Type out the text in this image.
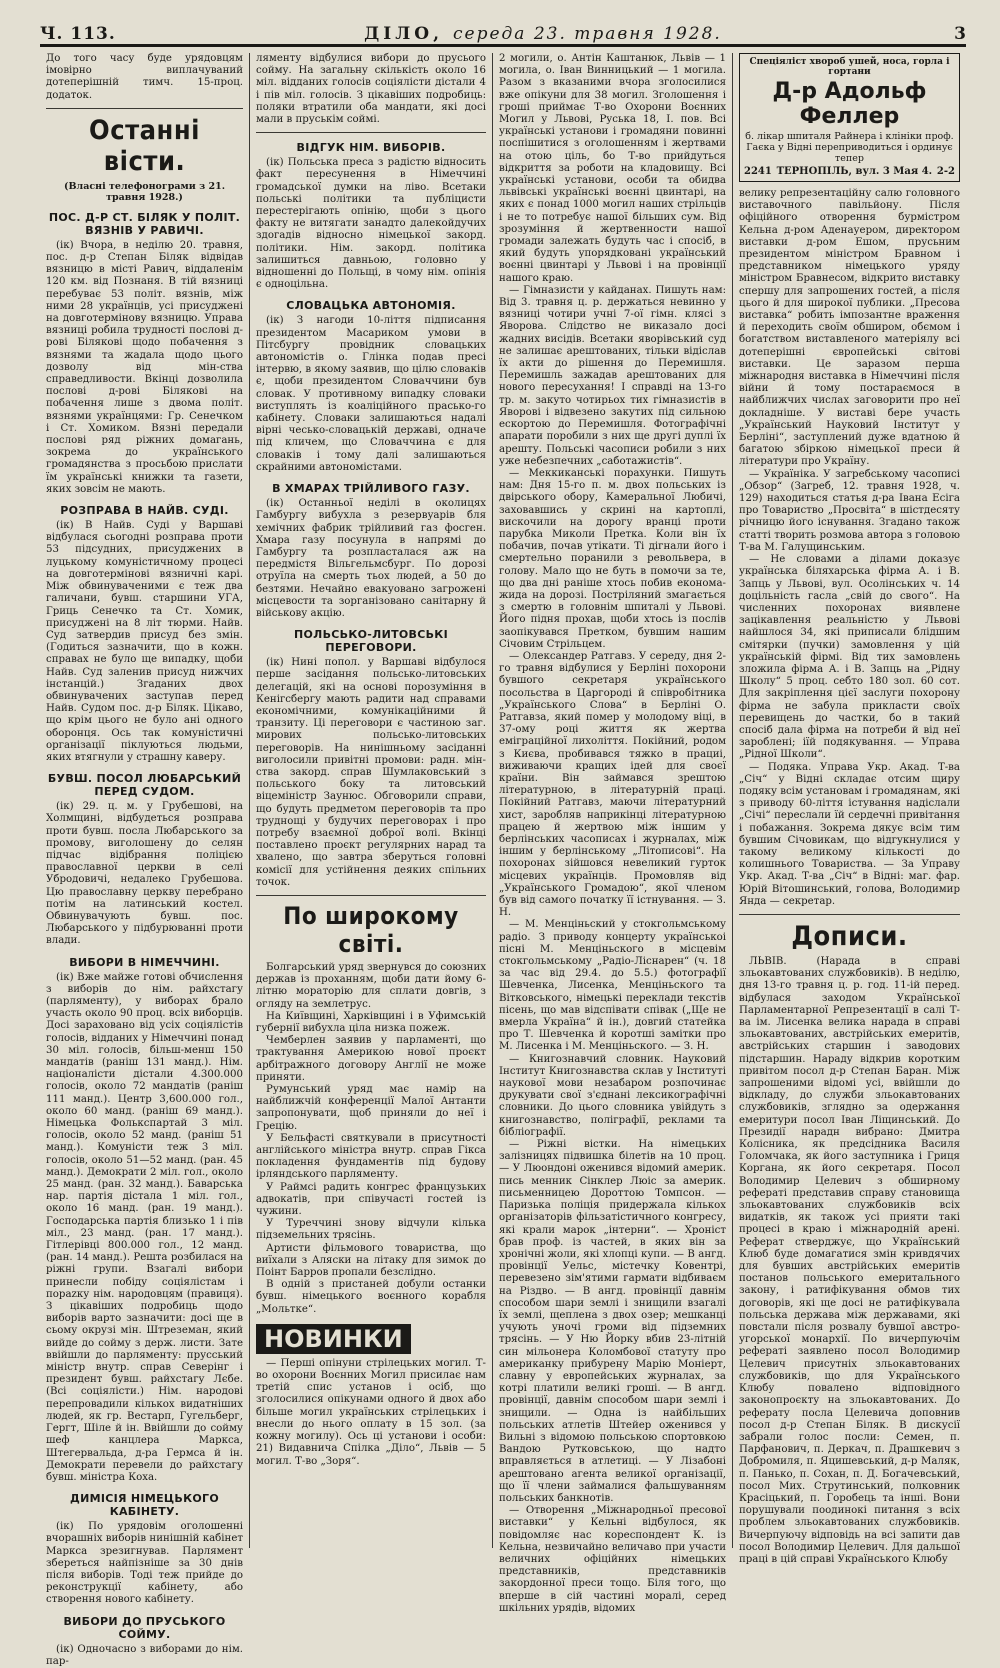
Ч. 113.	ДІЛО, середа 23. травня 1928.	3

До того часу буде урядовцям імовірно виплачуваний дотеперішній тимч. 15-проц. додаток.

Останні вісти.
(Власні телефонограми з 21. травня 1928.)
ПОС. Д-Р СТ. БІЛЯК У ПОЛІТ. ВЯЗНІВ У РАВИЧІ.

(ік) Вчора, в неділю 20. травня, пос. д-р Степан Біляк відвідав вязницю в місті Равич, віддаленім 120 км. від Познаня. В тій вязниці перебуває 53 політ. вязнів, між ними 28 українців, усі присуджені на довготермінову вязницю. Управа вязниці робила трудності послові д-рові Білякові щодо побачення з вязнями та жадала щодо цього дозволу від мін-ства справедливости. Вкінці дозволила послові д-рові Білякові на побачення лише з двома політ. вязнями українцями: Гр. Сенечком і Ст. Хомиком. Вязні передали послові ряд ріжних домагань, зокрема до українського громадянства з просьбою прислати їм українські книжки та газети, яких зовсім не мають.

РОЗПРАВА В НАЙВ. СУДІ.

(ік) В Найв. Суді у Варшаві відбулася сьогодні розправа проти 53 підсудних, присуджених в луцькому комуністичному процесі на довготермінові вязничні карі. Між обвинуваченими є теж два галичани, бувш. старшини УГА, Гриць Сенечко та Ст. Хомик, присуджені на 8 літ тюрми. Найв. Суд затвердив присуд без змін. (Годиться зазначити, що в кожн. справах не було ще випадку, щоби Найв. Суд заленив присуд нижчих інстанцій.) Згаданих двох обвинувачених заступав перед Найв. Судом пос. д-р Біляк. Цікаво, що крім цього не було ані одного оборонця. Ось так комуністичні організації піклуються людьми, яких втягнули у страшну каверу.

БУВШ. ПОСОЛ ЛЮБАРСЬКИЙ ПЕРЕД СУДОМ.

(ік) 29. ц. м. у Грубешові, на Холмщині, відбудеться розправа проти бувш. посла Любарського за промову, виголошену до селян підчас відібрання поліцією православної церкви в селі Убродовичі, недалеко Грубешова. Цю православну церкву перебрано потім на латинський костел. Обвинувачують бувш. пос. Любарського у підбурюванні проти влади.

ВИБОРИ В НІМЕЧЧИНІ.

(ік) Вже майже готові обчислення з виборів до нім. райхстагу (парляменту), у виборах брало участь около 90 проц. всіх виборців. Досі зараховано від усіх соціялістів голосів, відданих у Німеччині понад 30 міл. голосів, більш-менш 150 мандатів (раніш 131 манд.). Нім. націоналісти дістали 4.300.000 голосів, около 72 мандатів (раніш 111 манд.). Центр 3,600.000 гол., около 60 манд. (раніш 69 манд.). Німецька Фолькспартай 3 міл. голосів, около 52 манд. (раніш 51 манд.). Комуністи теж 3 міл. голосів, около 51—52 манд. (ран. 45 манд.). Демократи 2 міл. гол., около 25 манд. (ран. 32 манд.). Баварська нар. партія дістала 1 міл. гол., около 16 манд. (ран. 19 манд.). Господарська партія близько 1 і пів міл., 23 манд. (ран. 17 манд.). Гітлерівці 800.000 гол., 12 манд. (ран. 14 манд.). Решта розбилася на ріжні групи. Взагалі вибори принесли побіду соціялістам і порazку нім. народовцям (правиця). З цікавіших подробиць щодо виборів варто зазначити: досі ще в сьому окрузі мін. Штреземан, який вийде до сойму з держ. листи. Зате ввійшли до парляменту: прусський міністр внутр. справ Северінг і президент бувш. райхстагу Лєбе. (Всі соціялісти.) Нім. народові перепровадили кількох видатніших людей, як гр. Вестарп, Гугельберг, Гергт, Шіле й ін. Ввійшли до сойму шеф канцлера Маркса, Штегервальда, д-ра Гермса й ін. Демократи перевели до райхстагу бувш. міністра Коха.

ДИМІСІЯ НІМЕЦЬКОГО КАБІНЕТУ.

(ік) По урядовім оголошенні вчорашніх виборів нинішній кабінет Маркса зрезигнував. Парлямент збереться найпізніше за 30 днів після виборів. Тоді теж прийде до реконструкції кабінету, або створення нового кабінету.

ВИБОРИ ДО ПРУСЬКОГО СОЙМУ.

(ік) Одночасно з виборами до нім. пар-

ляменту відбулися вибори до прусього сойму. На загальну скількість около 16 міл. відданих голосів соціялісти дістали 4 і пів міл. голосів. З цікавіших подробиць: поляки втратили оба мандати, які досі мали в пруськім соймі.

ВІДГУК НІМ. ВИБОРІВ.

(ік) Польська преса з радістю відносить факт пересунення в Німеччині громадської думки на ліво. Всетаки польські політики та публіцисти перестерігають опінію, щоби з цього факту не витягати занадто далекойдучих здогадів відносно німецької закорд. політики. Нім. закорд. політика залишиться давньою, головно у відношенні до Польщі, в чому нім. опінія є одноцільна.

СЛОВАЦЬКА АВТОНОМІЯ.

(ік) З нагоди 10-ліття підписання президентом Масариком умови в Пітсбургу провідник словацьких автономістів о. Глінка подав пресі інтервю, в якому заявив, що цілю словаків є, щоби президентом Словаччини був словак. У противному випадку словаки виступлять із коаліційного прасько-го кабінету. Словаки залишаються надалі вірні чесько-словацькій державі, одначе під кличем, що Словаччина є для словаків і тому далі залишаються скрайними автономістами.

В ХМАРАХ ТРІЙЛИВОГО ГАЗУ.

(ік) Останньої неділі в околицях Гамбургу вибухла з резервуарів бля хемічних фабрик трійливий газ фосген. Хмара газу посунула в напрямі до Гамбургу та розпласталася аж на передмістя Вільгельмсбург. По дорозі отруїла на смерть тьох людей, а 50 до безтями. Нечайно евакуовано загрожені місцевости та зорганізовано санітарну й військову акцію.

ПОЛЬСЬКО-ЛИТОВСЬКІ ПЕРЕГОВОРИ.

(ік) Нині попол. у Варшаві відбулося перше засідання польсько-литовських делегацій, які на основі порозуміння в Кенігсбергу мають радити над справами економічними, комунікаційними й транзиту. Ці переговори є частиною заг. мирових польсько-литовських переговорів. На нинішньому засіданні виголосили привітні промови: радн. мін-ства закорд. справ Шумлаковський з польського боку та литовський віцеміністр Заунюс. Обговорили справи, що будуть предметом переговорів та про труднощі у будучих переговорах і про потребу взаємної доброї волі. Вкінці поставлено проєкт регулярних нарад та хвалено, що завтра зберуться головні комісії для устійнення деяких спільних точок.

По широкому світі.

Болгарський уряд звернувся до союзних держав із проханням, щоби дати йому 6-літню мораторію для сплати довгів, з огляду на землетрус.

На Київщині, Харківщині і в Уфимській губернії вибухла ціла низка пожеж.

Чемберлен заявив у парламенті, що трактування Америкою нової проєкт арбітражного договору Англії не може приняти.

Румунський уряд має намір на найближчій конференції Малої Антанти запропонувати, щоб приняли до неї і Грецію.

У Бельфасті святкували в присутності англійського міністра внутр. справ Гікса покладення фундаментів під будову ірляндського парляменту.

У Раймсі радить конгрес французьких адвокатів, при співучасті гостей із чужини.

У Туреччині знову відчули кілька підземельних трясінь.

Артисти фільмового товариства, що виїхали з Аляски на літаку для зимок до Поінт Барров пропали безслідно.

В одній з пристаней добули останки бувш. німецького воєнного корабля „Мольтке“.

НОВИНКИ

— Перші опінуни стрілецьких могил. Т-во охорони Воєнних Могил присилає нам третій спис установ і осіб, що зголосилися опікунами одного й двох або більше могил українських стрілецьких і внесли до нього оплату в 15 зол. (за кожну могилу). Ось ці установи і особи: 21) Видавнича Спілка „Діло“, Львів — 5 могил. Т-во „Зоря“.

2 могили, о. Антін Каштанюк, Львів — 1 могила, о. Іван Винницький — 1 могила. Разом з вказаними вчора зголосилися вже опікуни для 38 могил. Зголошення і гроші приймає Т-во Охорони Воєнних Могил у Львові, Руська 18, І. пов. Всі українські установи і громадяни повинні поспішитися з оголошенням і жертвами на отою ціль, бо Т-во прийдуться відкриття за роботи на кладовищу. Всі українські установи, особи та обидва львівські українські воєнні цвинтарі, на яких є понад 1000 могил наших стрільців і не то потребує нашої більших сум. Від зрозуміння й жертвенности нашої громади залежать будуть час і спосіб, в який будуть упорядковані український воєнні цвинтарі у Львові і на провінції нашого краю.

— Гімназисти у кайданах. Пишуть нам: Від 3. травня ц. р. держаться невинно у вязниці чотири учні 7-ої гімн. клясі з Яворова. Слідство не виказало досі жадних висідів. Всетаки яворівський суд не залишає арештованих, тільки відіслав їх акти до рішення до Перемишля. Перемишль зажадав арештованих для нового пересухання! І справді на 13-го тр. м. закуто чотирьох тих гімназистів в Яворові і відвезено закутих під сильною ескортою до Перемишля. Фотографічні апарати поробили з них ще другі дуплі їх арешту. Польські часописи робили з них уже небезпечних „саботажистів“.

— Меккиканські порахунки. Пишуть нам: Дня 15-го п. м. двох польських із двірського обору, Камеральної Любичі, заховавшись у скрині на картоплі, вискочили на дорогу вранці проти парубка Миколи Претка. Коли він їх побачив, почав утікати. Ті дігнали його і смертельно поранили з револьвера, в голову. Мало що не буть в помочи за те, що два дні раніше хтось побив економа-жида на дорозі. Постріляний змагається з смертю в головнім шпиталі у Львові. Його підня прохав, щоби хтось із послів заопікувався Претком, бувшим нашим Січовим Стрільцем.

— Олександер Ратгавз. У середу, дня 2-го травня відбулися у Берліні похорони бувшого секретаря українського посольства в Царгороді й співробітника „Українського Слова“ в Берліні О. Ратгавза, який помер у молодому віці, в 37-ому році життя як жертва еміграційної лихоліття. Покійний, родом з Києва, пробивався тяжко в прациі, виживаючи кращих ідей для своєї країни. Він займався зрештою літературною, в літературній праці. Покійний Ратгавз, маючи літературний хист, заробляв наприкінці літературною працею й жертвою між іншим у берлінських часописах і журналах, між іншим у берлінському „Літописові“. На похоронах зійшовся невеликий гурток місцевих українців. Промовляв від „Українського Громадою“, якої членом був від самого початку її істнування. — З. Н.

— М. Менціньский у стокгольмському радіо. З приводу концерту українськоі пісні М. Менціньского в місцевім стокгольмському „Радіо-Ліснарен“ (ч. 18 за час від 29.4. до 5.5.) фотографії Шевченка, Лисенка, Менціньского та Вітковського, німецькі переклади текстів пісень, що мав відспівати співак („Ще не вмерла Україна“ й ін.), довгий статейка про Т. Шевченка й коротші замітки про М. Лисенка і М. Менціньского. — З. Н.

— Книгознавчий словник. Науковий Інститут Книгознавства склав у Інституті наукової мови незабаром розпочинає друкувати свої з'єднані лексикографічні словники. До цього словника увійдуть з книгознавство, поліграфії, реклами та бібліографії.

— Ріжні вістки. На німецьких залізницях підвишка білетів на 10 проц. — У Люондоні оженився відомий америк. пись менник Сінклер Люіс за америк. письменницею Дороттою Томпсон. — Паризька поліція придержала кількох організаторів фільзатістичного конгресу, які крали марок „інтерни“. — Хроніст брав проф. із частей, в яких він за хронічні жоли, які хлопці купи. — В ангд. провінції Уельс, містечку Ковентрі, перевезено зім'ятими гармати відбиваєм на Різдво. — В ангд. провінції давнім способом шари землі і знищили взагалі їх землі, щеплена з двох озер; мешканці учують уночі громи від підземних трясінь. — У Ню Йорку вбив 23-літній син мільонера Коломбової статуту про американку прибурену Марію Моніерт, славну у европейських журналах, за котрі платили великі гроші. — В ангд. провінції, давнім способом шари землі і знищили. — Одна із найбільших польських атлетів Штейер оженився у Вильні з відомою польською спортовкою Вандою Рутковською, що надто вправляється в атлетиці. — У Лізабоні арештовано агента великої організації, що її члени займалися фальшуванням польських банкнотів.

— Отворення „Міжнародньої пресової виставки“ у Кельні відбулося, як повідомляє нас кореспондент К. із Кельна, незвичайно величаво при участи величних офіційних німецьких представників, представників закордонної преси тощо. Біля того, що вперше в сій частині моралі, серед шкільних урядів, відомих

Спеціяліст хвороб ушей, носа, горла і гортани
Д-р Адольф Феллер
б. лікар шпиталя Райнера і клініки проф. Гаєка у Відні переприводиться і ординує тепер
2241 ТЕРНОПІЛЬ, вул. 3 Мая 4. 2-2

велику репрезентаційну салю головного виставочного павільйону. Після офіційного отворення бурмістром Кельна д-ром Аденауером, директором виставки д-ром Ешом, прусьним президентом міністром Бравном і представником німецького уряду міністром Бравнесом, відкрито виставку спершу для запрошених гостей, а після цього й для широкої публики. „Пресова виставка“ робить імпозантне враження й переходить своїм обширом, обємом і богатством виставленого матеріялу всі дотеперішні європейські світові виставки. Це заразом перша міжнародня виставка в Німеччині після війни й тому постараємося в найближчих числах заговорити про неї докладніше. У виставі бере участь „Український Науковий Інститут у Берліні“, заступлений дуже вдатною й багатою збіркою німецької преси й літератури про Україну.

— Україніка. У загребському часописі „Обзор“ (Загреб, 12. травня 1928, ч. 129) находиться статья д-ра Івана Есіга про Товариство „Просвіта“ в шістдесяту річницю його існування. Згадано також статті творить розмова автора з головою Т-ва М. Галущинським.

— Не словами а ділами доказує українська біляхарська фірма А. і В. Запць у Львові, вул. Осолінських ч. 14 доцільність гасла „свій до свого“. На численних похоронах виявлене зацікавлення реальністю у Львові найшлося 34, які приписали блідшим смітярки (пучки) замовлення у цій українській фірмі. Від тих замовлень зложила фірма А. і В. Запць на „Рідну Школу“ 5 проц. себто 180 зол. 60 сот. Для закріплення цієї заслуги похорону фірма не забула прикласти своїх перевищень до частки, бо в такий спосіб дала фірма на потреби й від неї зароблені; іїй подякування. — Управа „Рідної Школи“.

— Подяка. Управа Укр. Акад. Т-ва „Січ“ у Відні складає отсим щиру подяку всім установам і громадянам, які з приводу 60-ліття істування надіслали „Січі“ переслали їй сердечні привітання і побажання. Зокрема дякує всім тим бувшим Січовикам, що відгукнулися у такому великому кількості до колишнього Товариства. — За Управу Укр. Акад. Т-ва „Січ“ в Відні: маг. фар. Юрій Вітошинський, голова, Володимир Янда — секретар.

Дописи.

ЛЬВІВ. (Нарада в справі зльокавтованих службовиків). В неділю, дня 13-го травня ц. р. год. 11-ій перед. відбулася заходом Української Парламентарної Репрезентації в салі Т-ва ім. Лисенка велика нарада в справі зльокавтованих, австрійських емеритів, австрійських старшин і заводових підстаршин. Нараду відкрив коротким привітом посол д-р Степан Баран. Між запрошеними відомі усі, ввійшли до відкладу, до служби зльокавтованих службовиків, зглядно за одержання емеритури посол Іван Ліщинський. До Президії нарадн вибрано: Дмитра Колісника, як предсідника Василя Голомчака, як його заступника і Гриця Коргана, як його секретаря. Посол Володимир Целевич з обширному рефераті представив справу становища зльокавтованих службовиків всіх видатків, як також усі прияти такі процесі в краю і міжнародній арені. Реферат стверджує, що Український Клюб буде домагатися змін кривдячих для бувших австрійських емеритів постанов польського емеритального закону, і ратифікування обмов тих договорів, які ще досі не ратифікувала польська держава між державами, які повстали після розвалу бувшої австро-угорської монархії. По вичерпуючім рефераті заявлено посол Володимир Целевич присутніх зльокавтованих службовиків, що для Українського Клюбу повалено відповідного законопроєкту на зльокавтованих. До реферату посла Целевича доповнив посол д-р Степан Біляк. В дискусії забрали голос посли: Семен, п. Парфанович, п. Деркач, п. Драшкевич з Добромиля, п. Яцишевський, д-р Маляк, п. Панько, п. Сохан, п. Д. Богачевський, посол Мих. Струтинський, полковник Красіцький, п. Горобець та інші. Вони порушували поодинокі питання з всіх проблем зльокавтованих службовиків. Вичерпуючу відповідь на всі запити дав посол Володимир Целевич. Для дальшої праці в цій справі Українського Клюбу
